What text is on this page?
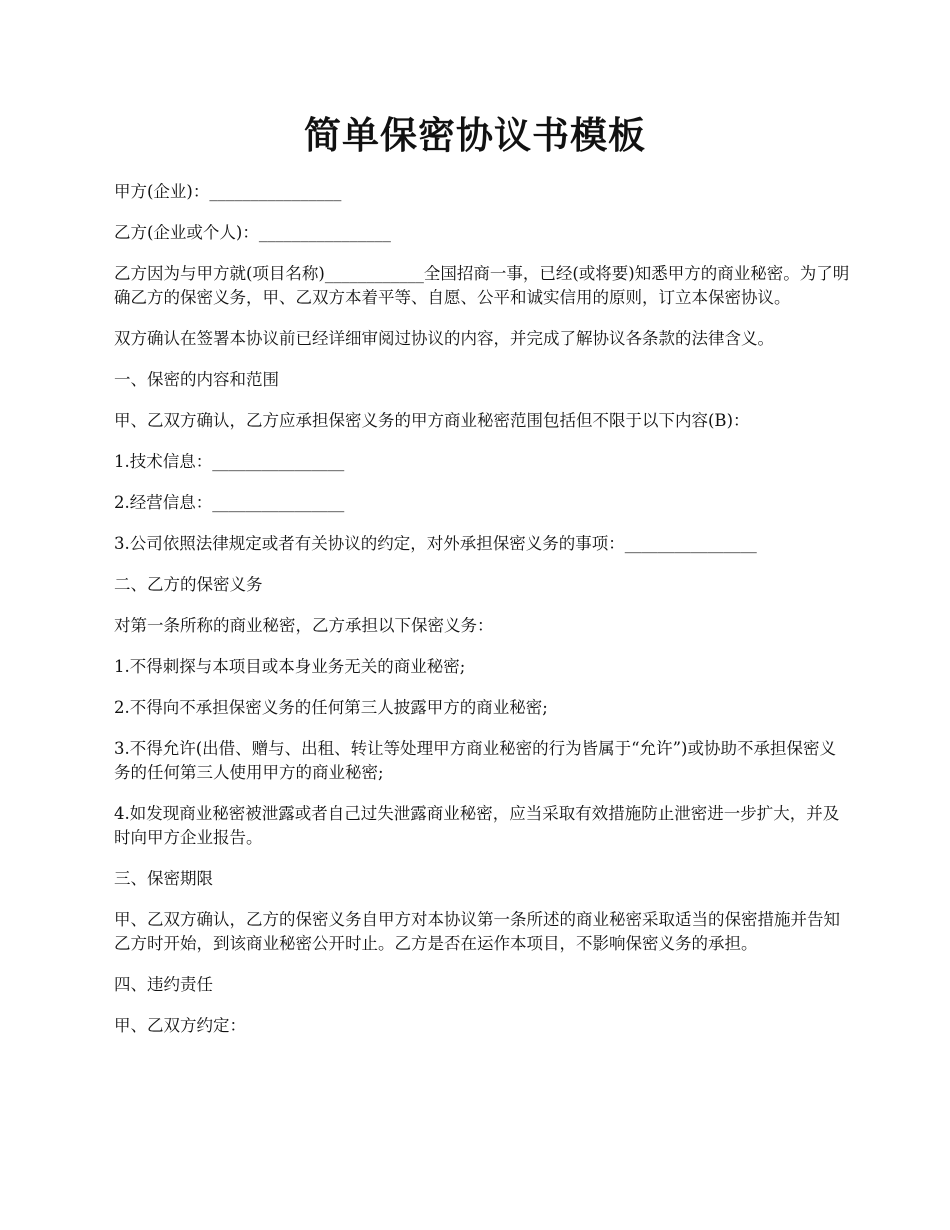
简单保密协议书模板

甲方(企业)：________________

乙方(企业或个人)：________________

乙方因为与甲方就(项目名称)____________全国招商一事，已经(或将要)知悉甲方的商业秘密。为了明确乙方的保密义务，甲、乙双方本着平等、自愿、公平和诚实信用的原则，订立本保密协议。

双方确认在签署本协议前已经详细审阅过协议的内容，并完成了解协议各条款的法律含义。

一、保密的内容和范围

甲、乙双方确认，乙方应承担保密义务的甲方商业秘密范围包括但不限于以下内容(B)：

1.技术信息：________________

2.经营信息：________________

3.公司依照法律规定或者有关协议的约定，对外承担保密义务的事项：________________

二、乙方的保密义务

对第一条所称的商业秘密，乙方承担以下保密义务：

1.不得刺探与本项目或本身业务无关的商业秘密;

2.不得向不承担保密义务的任何第三人披露甲方的商业秘密;

3.不得允许(出借、赠与、出租、转让等处理甲方商业秘密的行为皆属于“允许”)或协助不承担保密义务的任何第三人使用甲方的商业秘密;

4.如发现商业秘密被泄露或者自己过失泄露商业秘密，应当采取有效措施防止泄密进一步扩大，并及时向甲方企业报告。

三、保密期限

甲、乙双方确认，乙方的保密义务自甲方对本协议第一条所述的商业秘密采取适当的保密措施并告知乙方时开始，到该商业秘密公开时止。乙方是否在运作本项目，不影响保密义务的承担。

四、违约责任

甲、乙双方约定：
